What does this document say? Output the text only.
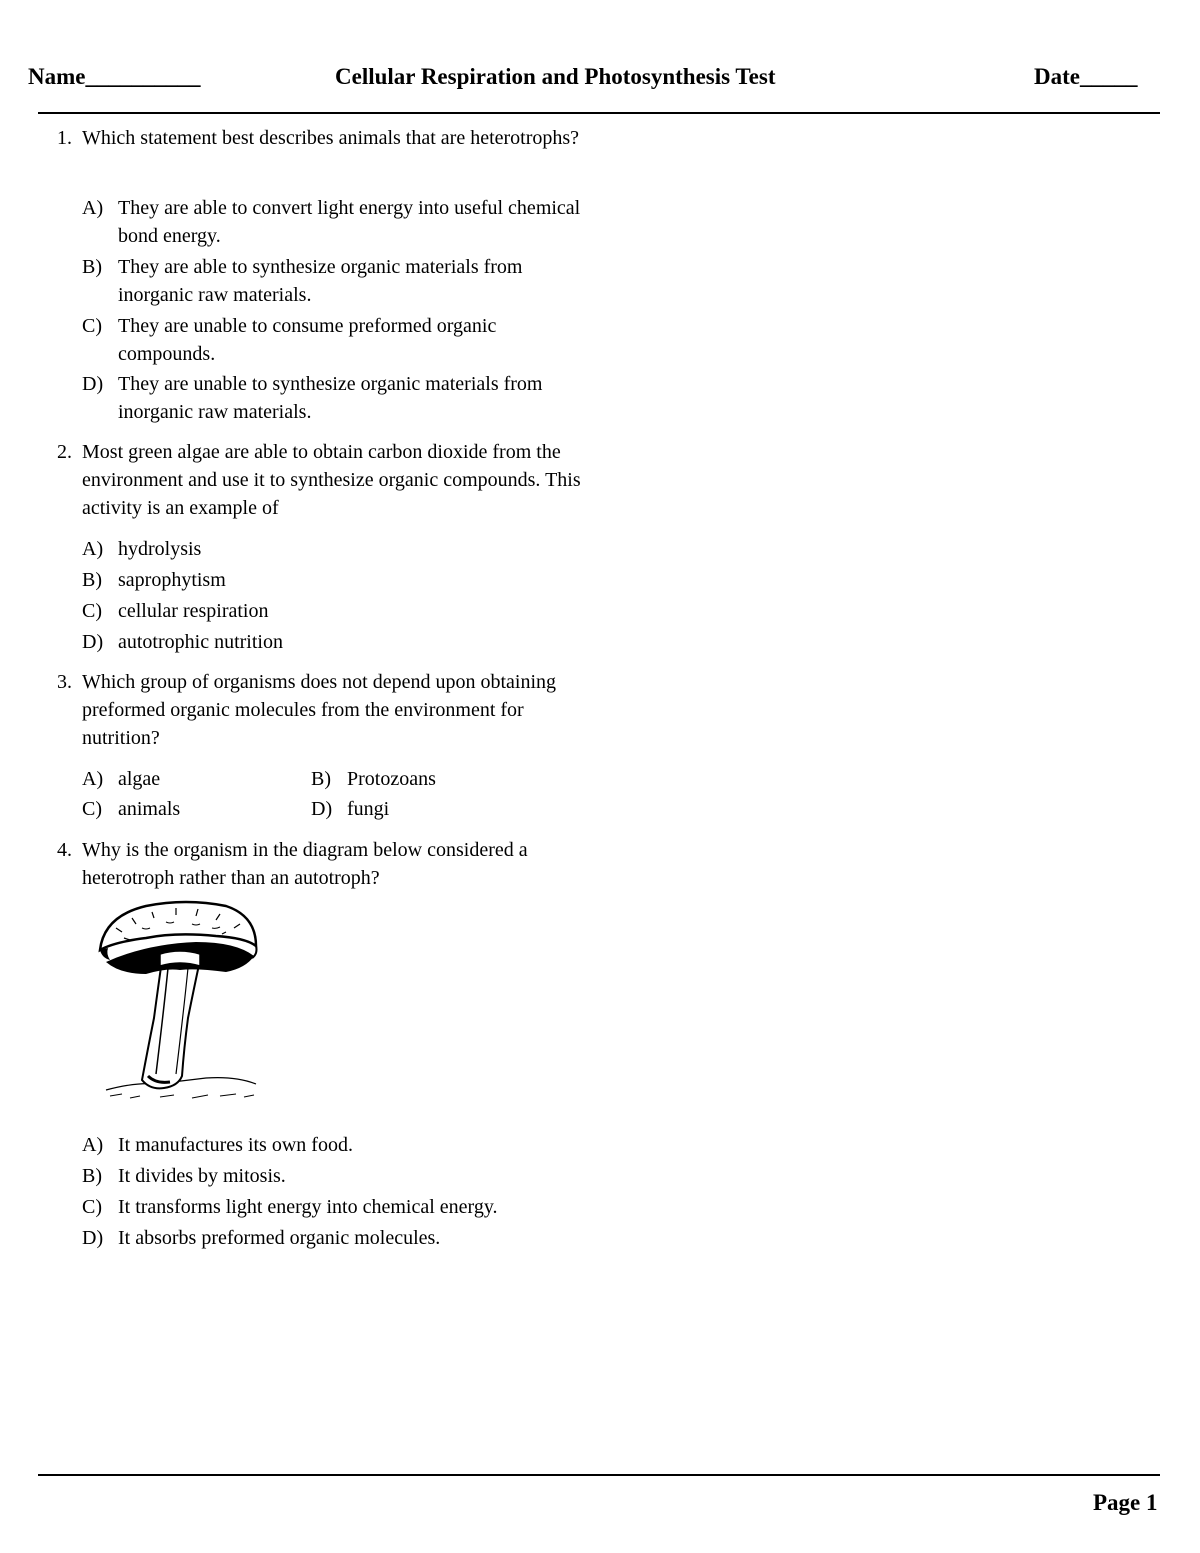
Name__________	Cellular Respiration and Photosynthesis Test	Date_____
1. Which statement best describes animals that are heterotrophs?
A) They are able to convert light energy into useful chemical bond energy.
B) They are able to synthesize organic materials from inorganic raw materials.
C) They are unable to consume preformed organic compounds.
D) They are unable to synthesize organic materials from inorganic raw materials.
2. Most green algae are able to obtain carbon dioxide from the environment and use it to synthesize organic compounds. This activity is an example of
A) hydrolysis
B) saprophytism
C) cellular respiration
D) autotrophic nutrition
3. Which group of organisms does not depend upon obtaining preformed organic molecules from the environment for nutrition?
A) algae	B) Protozoans
C) animals	D) fungi
4. Why is the organism in the diagram below considered a heterotroph rather than an autotroph?
A) It manufactures its own food.
B) It divides by mitosis.
C) It transforms light energy into chemical energy.
D) It absorbs preformed organic molecules.
Page 1
